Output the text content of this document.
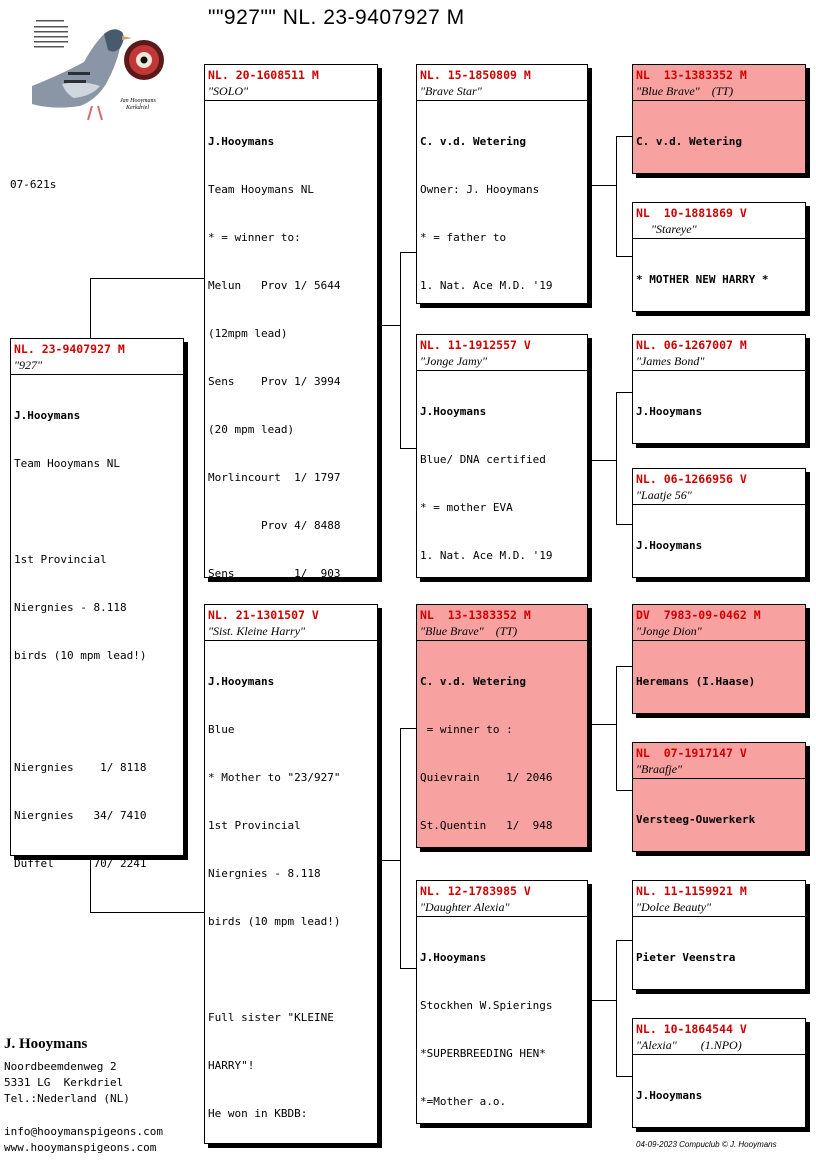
""927"" NL. 23-9407927 M
Jan Hooymans
Kerkdriel
07-621s
NL. 23-9407927 M
"927"

J.Hooymans

Team Hooymans NL

1st Provincial

Niergnies - 8.118

birds (10 mpm lead!)

Niergnies    1/ 8118

Niergnies   34/ 7410

Duffel      70/ 2241

NL. 20-1608511 M
"SOLO"

J.Hooymans

Team Hooymans NL

* = winner to:

Melun   Prov 1/ 5644

(12mpm lead)

Sens    Prov 1/ 3994

(20 mpm lead)

Morlincourt  1/ 1797

Prov 4/ 8488

Sens         1/  903

NL. 21-1301507 V
"Sist. Kleine Harry"

J.Hooymans

Blue

* Mother to "23/927"

1st Provincial

Niergnies - 8.118

birds (10 mpm lead!)

Full sister "KLEINE

HARRY"!

He won in KBDB:

NL. 15-1850809 M
"Brave Star"

C. v.d. Wetering

Owner: J. Hooymans

* = father to

1. Nat. Ace M.D. '19

NL. 11-1912557 V
"Jonge Jamy"

J.Hooymans

Blue/ DNA certified

* = mother EVA

1. Nat. Ace M.D. '19

NL  13-1383352 M
"Blue Brave"    (TT)

C. v.d. Wetering

= winner to :

Quievrain    1/ 2046

St.Quentin   1/  948

NL. 12-1783985 V
"Daughter Alexia"

J.Hooymans

Stockhen W.Spierings

*SUPERBREEDING HEN*

*=Mother a.o.

NL  13-1383352 M
"Blue Brave"    (TT)

C. v.d. Wetering

NL  10-1881869 V
"Stareye"

* MOTHER NEW HARRY *

NL. 06-1267007 M
"James Bond"

J.Hooymans

NL. 06-1266956 V
"Laatje 56"

J.Hooymans

DV  7983-09-0462 M
"Jonge Dion"

Heremans (I.Haase)

NL  07-1917147 V
"Braafje"

Versteeg-Ouwerkerk

NL. 11-1159921 M
"Dolce Beauty"

Pieter Veenstra

NL. 10-1864544 V
"Alexia"        (1.NPO)

J.Hooymans

J. Hooymans
Noordbeemdenweg 2
5331 LG  Kerkdriel
Tel.:Nederland (NL)
info@hooymanspigeons.com
www.hooymanspigeons.com	04-09-2023 Compuclub © J. Hooymans
